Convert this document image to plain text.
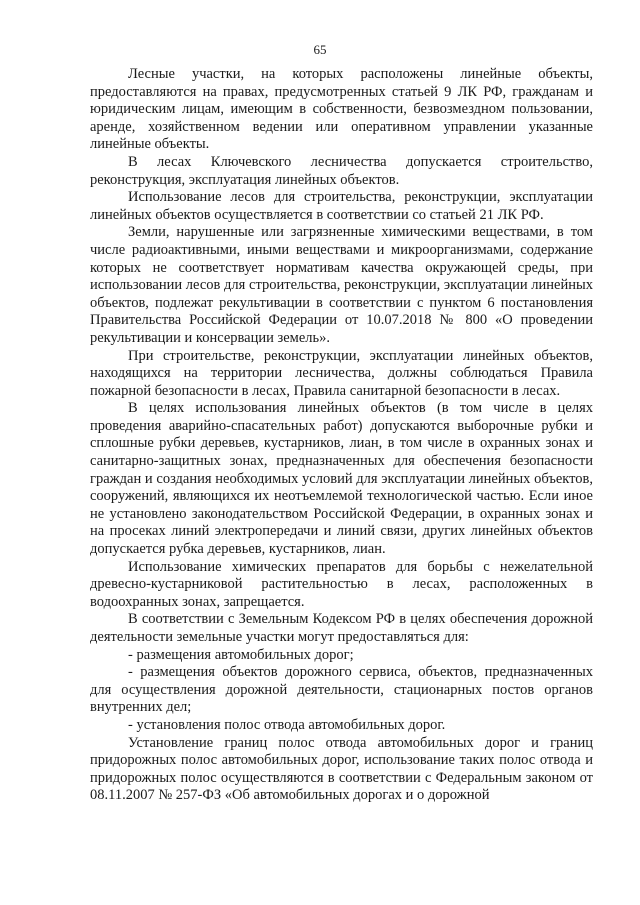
65

Лесные участки, на которых расположены линейные объекты, предоставляются на правах, предусмотренных статьей 9 ЛК РФ, гражданам и юридическим лицам, имеющим в собственности, безвозмездном пользовании, аренде, хозяйственном ведении или оперативном управлении указанные линейные объекты.

В лесах Ключевского лесничества допускается строительство, реконструкция, эксплуатация линейных объектов.

Использование лесов для строительства, реконструкции, эксплуатации линейных объектов осуществляется в соответствии со статьей 21 ЛК РФ.

Земли, нарушенные или загрязненные химическими веществами, в том числе радиоактивными, иными веществами и микроорганизмами, содержание которых не соответствует нормативам качества окружающей среды, при использовании лесов для строительства, реконструкции, эксплуатации линейных объектов, подлежат рекультивации в соответствии с пунктом 6 постановления Правительства Российской Федерации от 10.07.2018 № 800 «О проведении рекультивации и консервации земель».

При строительстве, реконструкции, эксплуатации линейных объектов, находящихся на территории лесничества, должны соблюдаться Правила пожарной безопасности в лесах, Правила санитарной безопасности в лесах.

В целях использования линейных объектов (в том числе в целях проведения аварийно-спасательных работ) допускаются выборочные рубки и сплошные рубки деревьев, кустарников, лиан, в том числе в охранных зонах и санитарно-защитных зонах, предназначенных для обеспечения безопасности граждан и создания необходимых условий для эксплуатации линейных объектов, сооружений, являющихся их неотъемлемой технологической частью. Если иное не установлено законодательством Российской Федерации, в охранных зонах и на просеках линий электропередачи и линий связи, других линейных объектов допускается рубка деревьев, кустарников, лиан.

Использование химических препаратов для борьбы с нежелательной древесно-кустарниковой растительностью в лесах, расположенных в водоохранных зонах, запрещается.

В соответствии с Земельным Кодексом РФ в целях обеспечения дорожной деятельности земельные участки могут предоставляться для:

- размещения автомобильных дорог;

- размещения объектов дорожного сервиса, объектов, предназначенных для осуществления дорожной деятельности, стационарных постов органов внутренних дел;

- установления полос отвода автомобильных дорог.

Установление границ полос отвода автомобильных дорог и границ придорожных полос автомобильных дорог, использование таких полос отвода и придорожных полос осуществляются в соответствии с Федеральным законом от 08.11.2007 № 257-ФЗ «Об автомобильных дорогах и о дорожной
